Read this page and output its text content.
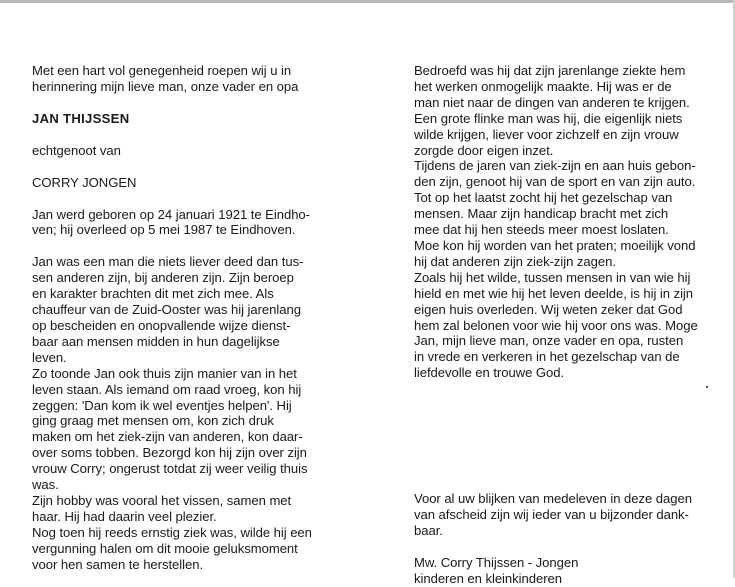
Met een hart vol genegenheid roepen wij u in

herinnering mijn lieve man, onze vader en opa

JAN THIJSSEN

echtgenoot van

CORRY JONGEN

Jan werd geboren op 24 januari 1921 te Eindho-

ven; hij overleed op 5 mei 1987 te Eindhoven.

Jan was een man die niets liever deed dan tus-

sen anderen zijn, bij anderen zijn. Zijn beroep

en karakter brachten dit met zich mee. Als

chauffeur van de Zuid-Ooster was hij jarenlang

op bescheiden en onopvallende wijze dienst-

baar aan mensen midden in hun dagelijkse

leven.

Zo toonde Jan ook thuis zijn manier van in het

leven staan. Als iemand om raad vroeg, kon hij

zeggen: 'Dan kom ik wel eventjes helpen'. Hij

ging graag met mensen om, kon zich druk

maken om het ziek-zijn van anderen, kon daar-

over soms tobben. Bezorgd kon hij zijn over zijn

vrouw Corry; ongerust totdat zij weer veilig thuis

was.

Zijn hobby was vooral het vissen, samen met

haar. Hij had daarin veel plezier.

Nog toen hij reeds ernstig ziek was, wilde hij een

vergunning halen om dit mooie geluksmoment

voor hen samen te herstellen.

Bedroefd was hij dat zijn jarenlange ziekte hem

het werken onmogelijk maakte. Hij was er de

man niet naar de dingen van anderen te krijgen.

Een grote flinke man was hij, die eigenlijk niets

wilde krijgen, liever voor zichzelf en zijn vrouw

zorgde door eigen inzet.

Tijdens de jaren van ziek-zijn en aan huis gebon-

den zijn, genoot hij van de sport en van zijn auto.

Tot op het laatst zocht hij het gezelschap van

mensen. Maar zijn handicap bracht met zich

mee dat hij hen steeds meer moest loslaten.

Moe kon hij worden van het praten; moeilijk vond

hij dat anderen zijn ziek-zijn zagen.

Zoals hij het wilde, tussen mensen in van wie hij

hield en met wie hij het leven deelde, is hij in zijn

eigen huis overleden. Wij weten zeker dat God

hem zal belonen voor wie hij voor ons was. Moge

Jan, mijn lieve man, onze vader en opa, rusten

in vrede en verkeren in het gezelschap van de

liefdevolle en trouwe God.

Voor al uw blijken van medeleven in deze dagen

van afscheid zijn wij ieder van u bijzonder dank-

baar.

Mw. Corry Thijssen - Jongen

kinderen en kleinkinderen
